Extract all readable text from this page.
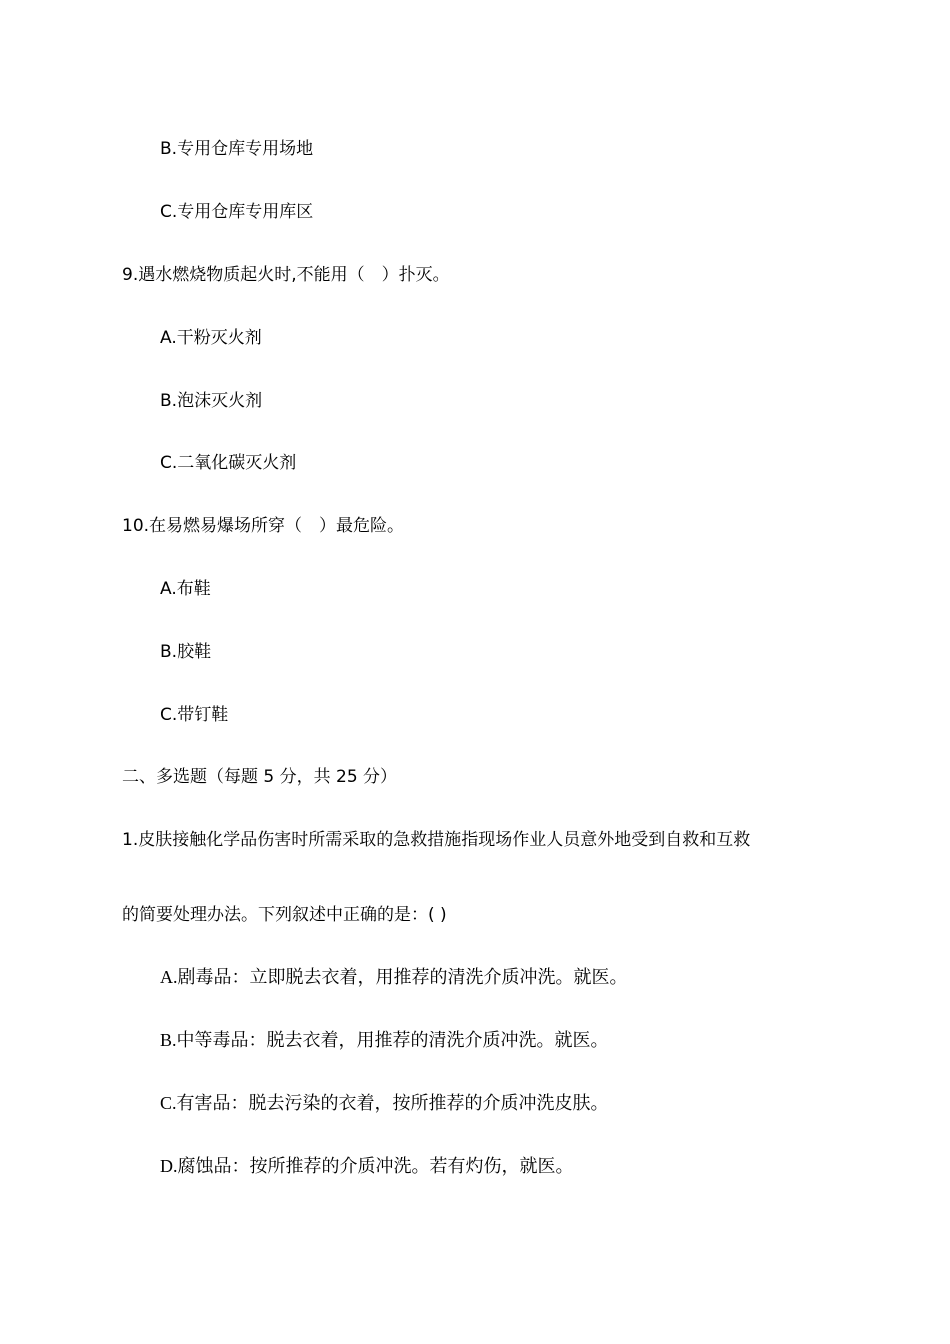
B.专用仓库专用场地
C.专用仓库专用库区
9.遇水燃烧物质起火时,不能用（　）扑灭。
A.干粉灭火剂
B.泡沫灭火剂
C.二氧化碳灭火剂
10.在易燃易爆场所穿（　）最危险。
A.布鞋
B.胶鞋
C.带钉鞋
二、多选题（每题 5 分，共 25 分）
1.皮肤接触化学品伤害时所需采取的急救措施指现场作业人员意外地受到自救和互救
的简要处理办法。下列叙述中正确的是：( )
A.剧毒品：立即脱去衣着，用推荐的清洗介质冲洗。就医。
B.中等毒品：脱去衣着，用推荐的清洗介质冲洗。就医。
C.有害品：脱去污染的衣着，按所推荐的介质冲洗皮肤。
D.腐蚀品：按所推荐的介质冲洗。若有灼伤，就医。
